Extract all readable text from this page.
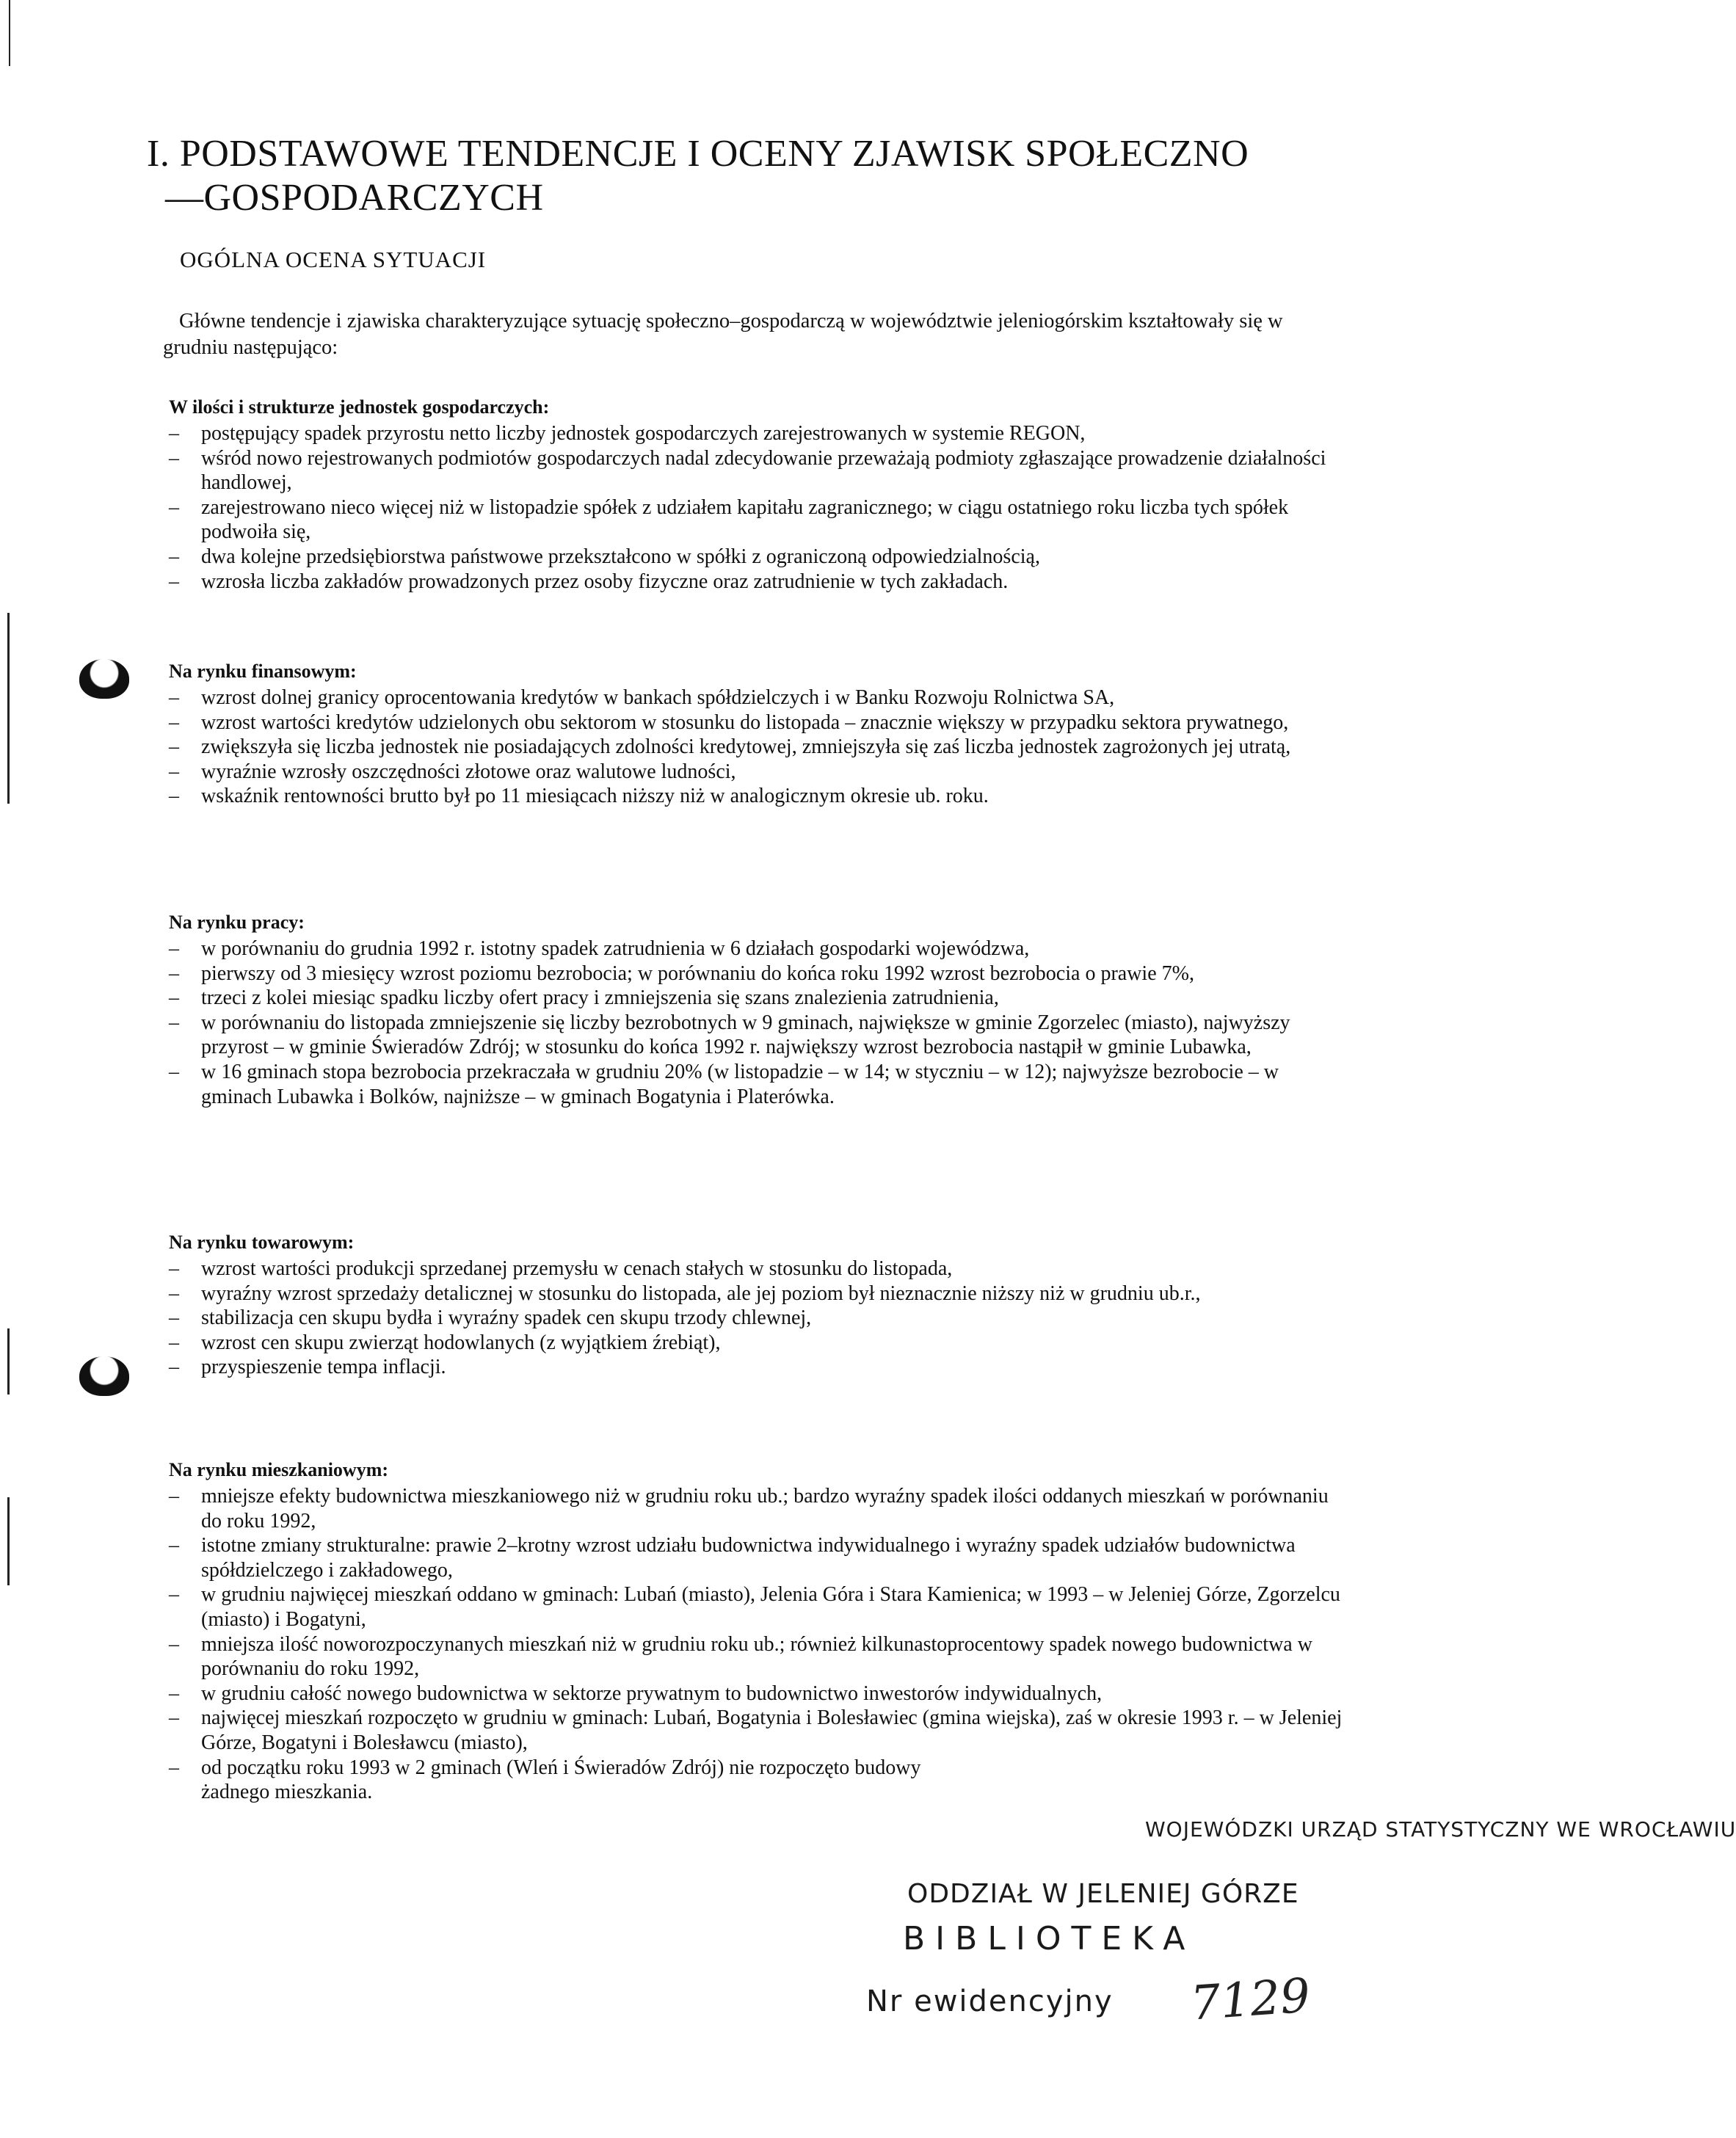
I. PODSTAWOWE TENDENCJE I OCENY ZJAWISK SPOŁECZNO
—GOSPODARCZYCH
OGÓLNA OCENA SYTUACJI

Główne tendencje i zjawiska charakteryzujące sytuację społeczno–gospodarczą w województwie jeleniogórskim kształtowały się w grudniu następująco:

W ilości i strukturze jednostek gospodarczych:

– postępujący spadek przyrostu netto liczby jednostek gospodarczych zarejestrowanych w systemie REGON,
– wśród nowo rejestrowanych podmiotów gospodarczych nadal zdecydowanie przeważają podmioty zgłaszające prowadzenie działalności handlowej,
– zarejestrowano nieco więcej niż w listopadzie spółek z udziałem kapitału zagranicznego; w ciągu ostatniego roku liczba tych spółek podwoiła się,
– dwa kolejne przedsiębiorstwa państwowe przekształcono w spółki z ograniczoną odpowiedzialnością,
– wzrosła liczba zakładów prowadzonych przez osoby fizyczne oraz zatrudnienie w tych zakładach.

Na rynku finansowym:

– wzrost dolnej granicy oprocentowania kredytów w bankach spółdzielczych i w Banku Rozwoju Rolnictwa SA,
– wzrost wartości kredytów udzielonych obu sektorom w stosunku do listopada – znacznie większy w przypadku sektora prywatnego,
– zwiększyła się liczba jednostek nie posiadających zdolności kredytowej, zmniejszyła się zaś liczba jednostek zagrożonych jej utratą,
– wyraźnie wzrosły oszczędności złotowe oraz walutowe ludności,
– wskaźnik rentowności brutto był po 11 miesiącach niższy niż w analogicznym okresie ub. roku.

Na rynku pracy:

– w porównaniu do grudnia 1992 r. istotny spadek zatrudnienia w 6 działach gospodarki wojewódzwa,
– pierwszy od 3 miesięcy wzrost poziomu bezrobocia; w porównaniu do końca roku 1992 wzrost bezrobocia o prawie 7%,
– trzeci z kolei miesiąc spadku liczby ofert pracy i zmniejszenia się szans znalezienia zatrudnienia,
– w porównaniu do listopada zmniejszenie się liczby bezrobotnych w 9 gminach, największe w gminie Zgorzelec (miasto), najwyższy przyrost – w gminie Świeradów Zdrój; w stosunku do końca 1992 r. największy wzrost bezrobocia nastąpił w gminie Lubawka,
– w 16 gminach stopa bezrobocia przekraczała w grudniu 20% (w listopadzie – w 14; w styczniu – w 12); najwyższe bezrobocie – w gminach Lubawka i Bolków, najniższe – w gminach Bogatynia i Platerówka.

Na rynku towarowym:

– wzrost wartości produkcji sprzedanej przemysłu w cenach stałych w stosunku do listopada,
– wyraźny wzrost sprzedaży detalicznej w stosunku do listopada, ale jej poziom był nieznacznie niższy niż w grudniu ub.r.,
– stabilizacja cen skupu bydła i wyraźny spadek cen skupu trzody chlewnej,
– wzrost cen skupu zwierząt hodowlanych (z wyjątkiem źrebiąt),
– przyspieszenie tempa inflacji.

Na rynku mieszkaniowym:

– mniejsze efekty budownictwa mieszkaniowego niż w grudniu roku ub.; bardzo wyraźny spadek ilości oddanych mieszkań w porównaniu do roku 1992,
– istotne zmiany strukturalne: prawie 2–krotny wzrost udziału budownictwa indywidualnego i wyraźny spadek udziałów budownictwa spółdzielczego i zakładowego,
– w grudniu najwięcej mieszkań oddano w gminach: Lubań (miasto), Jelenia Góra i Stara Kamienica; w 1993 – w Jeleniej Górze, Zgorzelcu (miasto) i Bogatyni,
– mniejsza ilość noworozpoczynanych mieszkań niż w grudniu roku ub.; również kilkunastoprocentowy spadek nowego budownictwa w porównaniu do roku 1992,
– w grudniu całość nowego budownictwa w sektorze prywatnym to budownictwo inwestorów indywidualnych,
– najwięcej mieszkań rozpoczęto w grudniu w gminach: Lubań, Bogatynia i Bolesławiec (gmina wiejska), zaś w okresie 1993 r. – w Jeleniej Górze, Bogatyni i Bolesławcu (miasto),
– od początku roku 1993 w 2 gminach (Wleń i Świeradów Zdrój) nie rozpoczęto budowy żadnego mieszkania.
WOJEWÓDZKI URZĄD STATYSTYCZNY WE WROCŁAWIU
ODDZIAŁ W JELENIEJ GÓRZE
BIBLIOTEKA
Nr ewidencyjny 7129
